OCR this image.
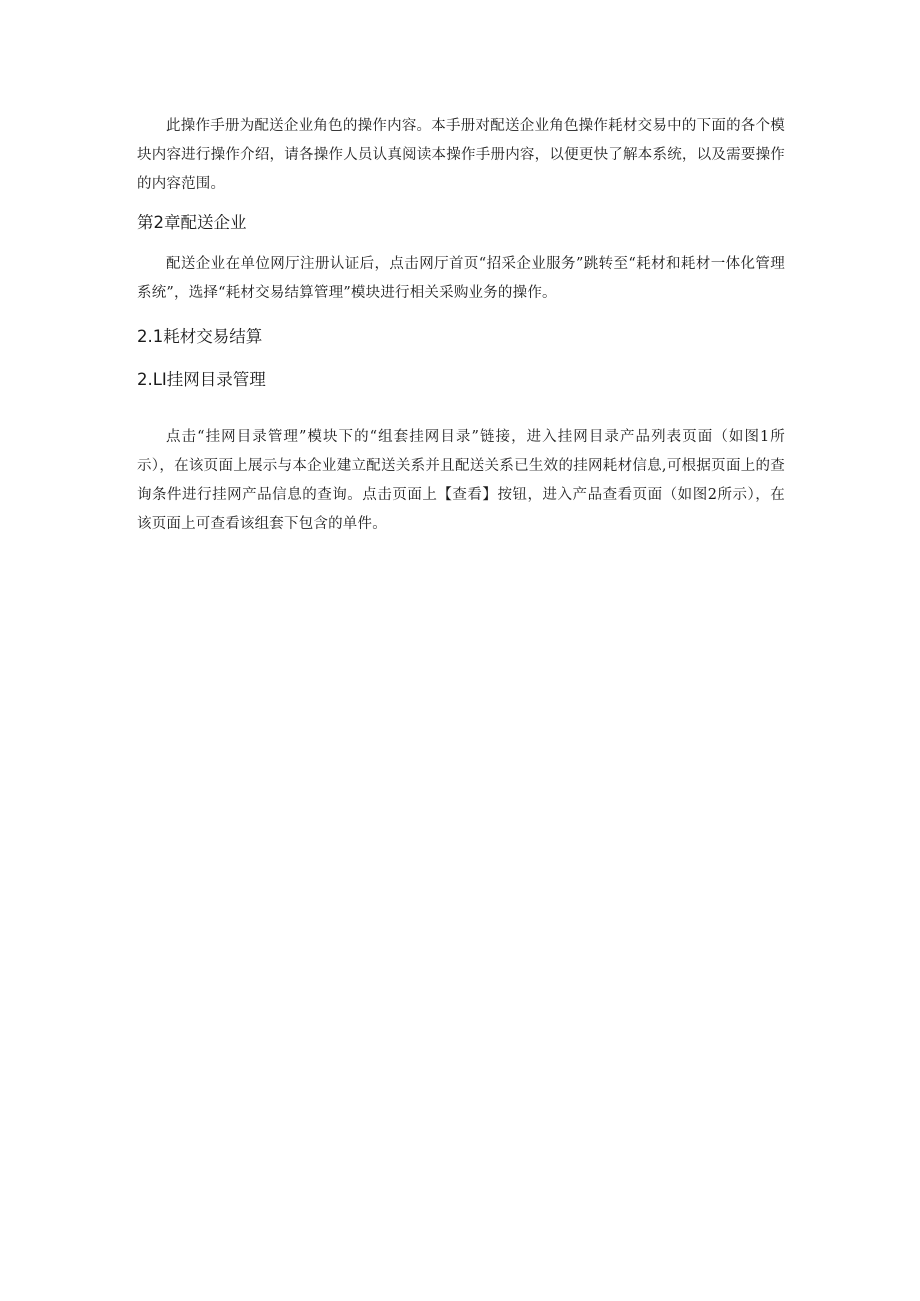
此操作手册为配送企业角色的操作内容。本手册对配送企业角色操作耗材交易中的下面的各个模块内容进行操作介绍，请各操作人员认真阅读本操作手册内容，以便更快了解本系统，以及需要操作的内容范围。

第2章配送企业

配送企业在单位网厅注册认证后，点击网厅首页“招采企业服务”跳转至“耗材和耗材一体化管理系统”，选择“耗材交易结算管理”模块进行相关采购业务的操作。

2.1耗材交易结算
2.LI挂网目录管理

点击“挂网目录管理”模块下的“组套挂网目录”链接，进入挂网目录产品列表页面（如图1所示），在该页面上展示与本企业建立配送关系并且配送关系已生效的挂网耗材信息,可根据页面上的查询条件进行挂网产品信息的查询。点击页面上【查看】按钮，进入产品查看页面（如图2所示），在该页面上可查看该组套下包含的单件。
